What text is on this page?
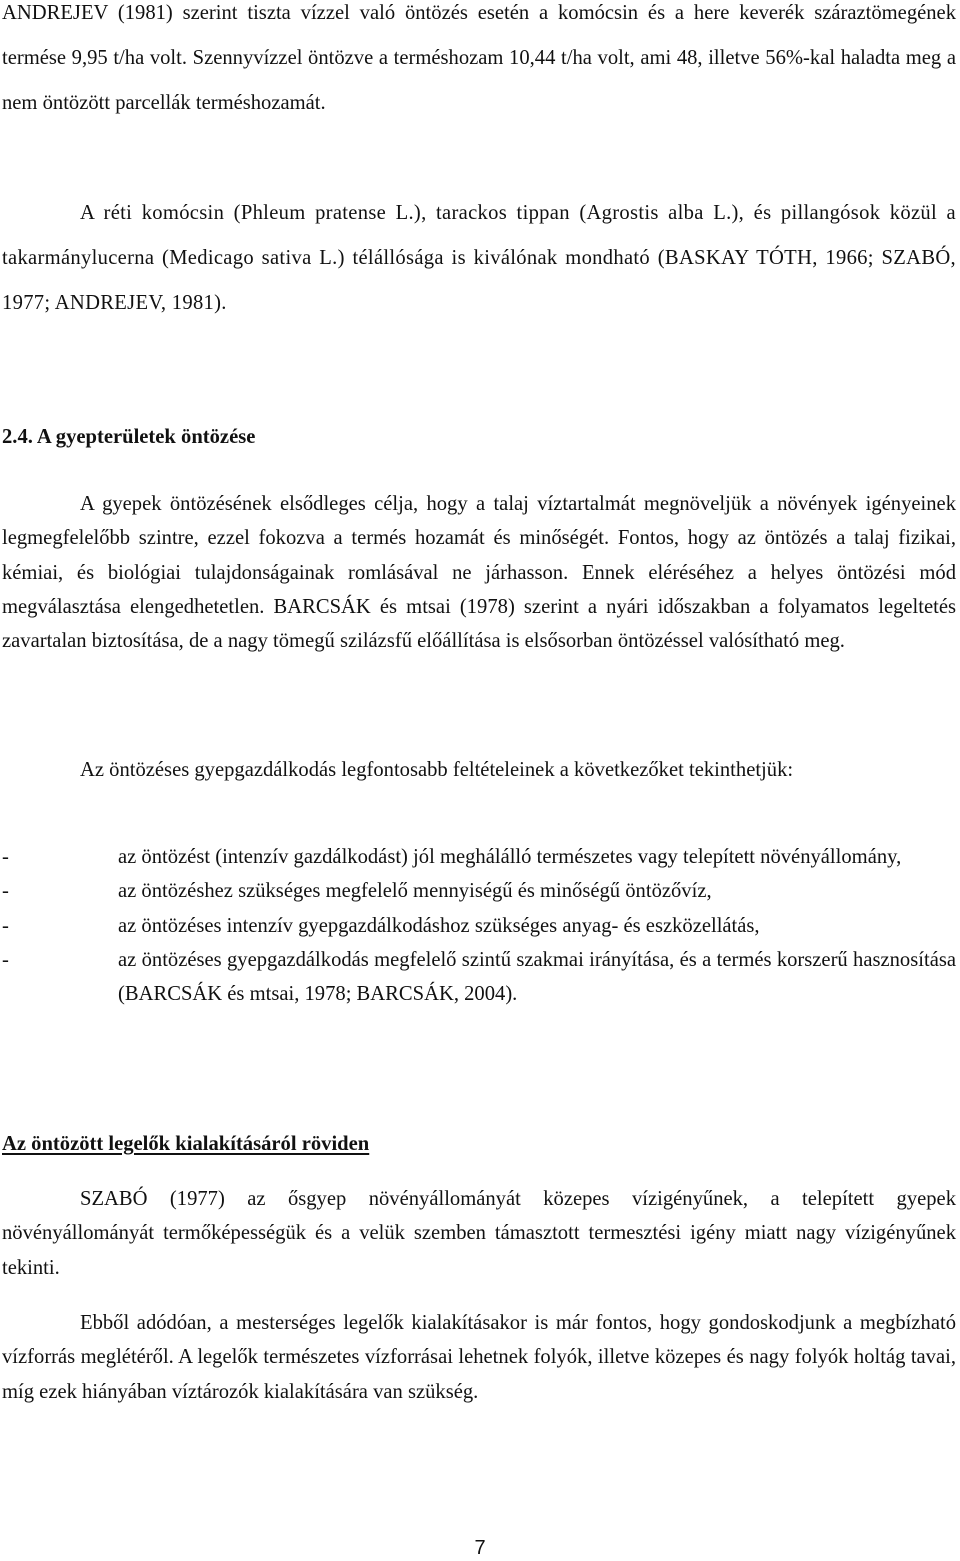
ANDREJEV (1981) szerint tiszta vízzel való öntözés esetén a komócsin és a here keverék száraztömegének termése 9,95 t/ha volt. Szennyvízzel öntözve a terméshozam 10,44 t/ha volt, ami 48, illetve 56%-kal haladta meg a nem öntözött parcellák terméshozamát.

A réti komócsin (Phleum pratense L.), tarackos tippan (Agrostis alba L.), és pillangósok közül a takarmánylucerna (Medicago sativa L.) télállósága is kiválónak mondható (BASKAY TÓTH, 1966; SZABÓ, 1977; ANDREJEV, 1981).

2.4. A gyepterületek öntözése

A gyepek öntözésének elsődleges célja, hogy a talaj víztartalmát megnöveljük a növények igényeinek legmegfelelőbb szintre, ezzel fokozva a termés hozamát és minőségét. Fontos, hogy az öntözés a talaj fizikai, kémiai, és biológiai tulajdonságainak romlásával ne járhasson. Ennek eléréséhez a helyes öntözési mód megválasztása elengedhetetlen. BARCSÁK és mtsai (1978) szerint a nyári időszakban a folyamatos legeltetés zavartalan biztosítása, de a nagy tömegű szilázsfű előállítása is elsősorban öntözéssel valósítható meg.

Az öntözéses gyepgazdálkodás legfontosabb feltételeinek a következőket tekinthetjük:

-	az öntözést (intenzív gazdálkodást) jól meghálálló természetes vagy telepített növényállomány,
-	az öntözéshez szükséges megfelelő mennyiségű és minőségű öntözővíz,
-	az öntözéses intenzív gyepgazdálkodáshoz szükséges anyag- és eszközellátás,
-	az öntözéses gyepgazdálkodás megfelelő szintű szakmai irányítása, és a termés korszerű hasznosítása (BARCSÁK és mtsai, 1978; BARCSÁK, 2004).
Az öntözött legelők kialakításáról röviden

SZABÓ (1977) az ősgyep növényállományát közepes vízigényűnek, a telepített gyepek növényállományát termőképességük és a velük szemben támasztott termesztési igény miatt nagy vízigényűnek tekinti.

Ebből adódóan, a mesterséges legelők kialakításakor is már fontos, hogy gondoskodjunk a megbízható vízforrás meglétéről. A legelők természetes vízforrásai lehetnek folyók, illetve közepes és nagy folyók holtág tavai, míg ezek hiányában víztározók kialakítására van szükség.

7
